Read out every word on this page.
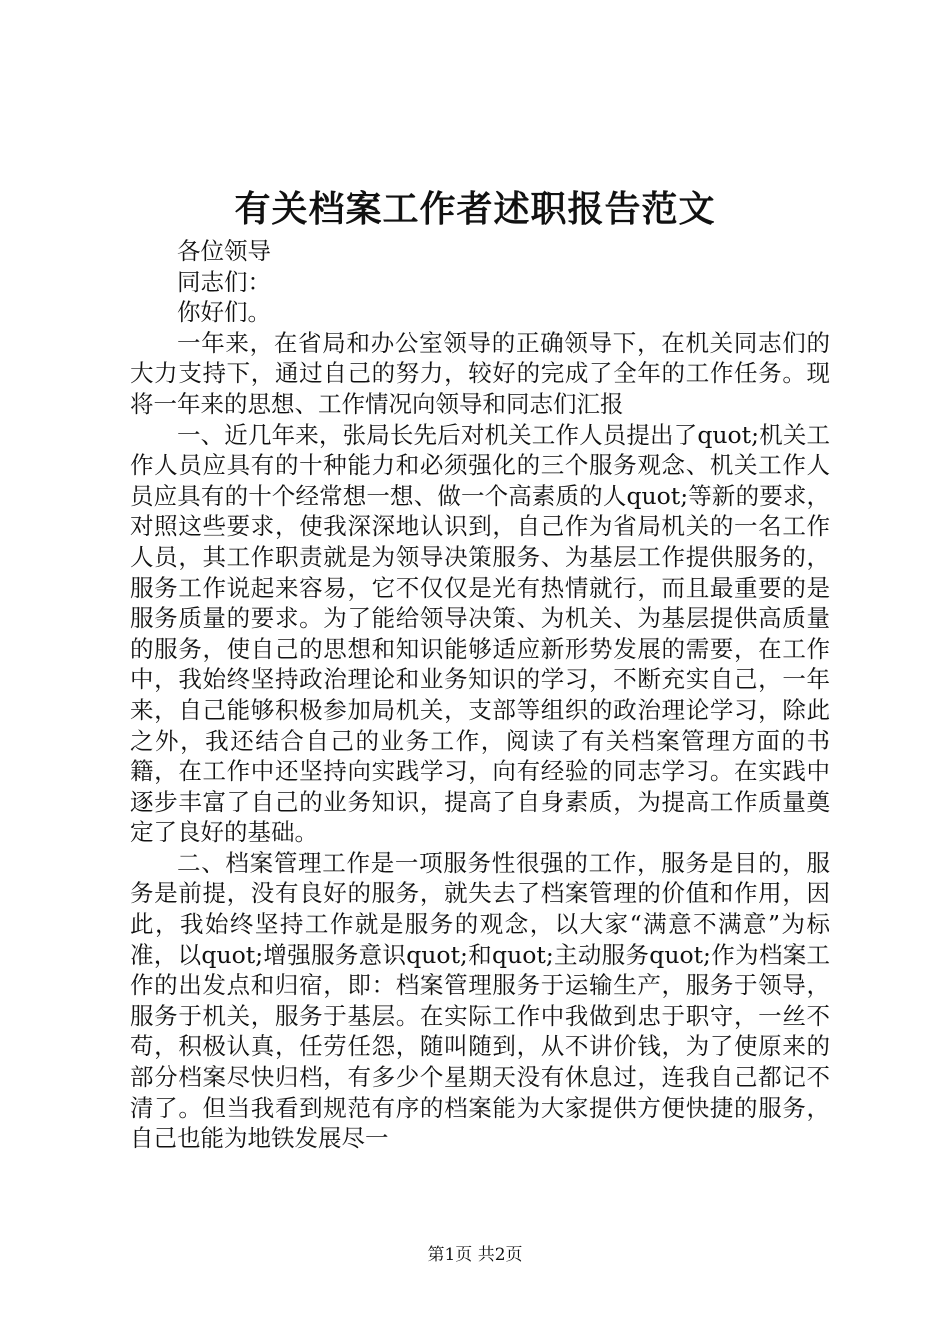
有关档案工作者述职报告范文

各位领导

同志们：

你好们。

一年来，在省局和办公室领导的正确领导下，在机关同志们的大力支持下，通过自己的努力，较好的完成了全年的工作任务。现将一年来的思想、工作情况向领导和同志们汇报

一、近几年来，张局长先后对机关工作人员提出了quot;机关工作人员应具有的十种能力和必须强化的三个服务观念、机关工作人员应具有的十个经常想一想、做一个高素质的人quot;等新的要求，对照这些要求，使我深深地认识到，自己作为省局机关的一名工作人员，其工作职责就是为领导决策服务、为基层工作提供服务的，服务工作说起来容易，它不仅仅是光有热情就行，而且最重要的是服务质量的要求。为了能给领导决策、为机关、为基层提供高质量的服务，使自己的思想和知识能够适应新形势发展的需要，在工作中，我始终坚持政治理论和业务知识的学习，不断充实自己，一年来，自己能够积极参加局机关，支部等组织的政治理论学习，除此之外，我还结合自己的业务工作，阅读了有关档案管理方面的书籍，在工作中还坚持向实践学习，向有经验的同志学习。在实践中逐步丰富了自己的业务知识，提高了自身素质，为提高工作质量奠定了良好的基础。

二、档案管理工作是一项服务性很强的工作，服务是目的，服务是前提，没有良好的服务，就失去了档案管理的价值和作用，因此，我始终坚持工作就是服务的观念，以大家“满意不满意”为标准，以quot;增强服务意识quot;和quot;主动服务quot;作为档案工作的出发点和归宿，即：档案管理服务于运输生产，服务于领导，服务于机关，服务于基层。在实际工作中我做到忠于职守，一丝不苟，积极认真，任劳任怨，随叫随到，从不讲价钱，为了使原来的部分档案尽快归档，有多少个星期天没有休息过，连我自己都记不清了。但当我看到规范有序的档案能为大家提供方便快捷的服务，自己也能为地铁发展尽一

第1页 共2页
